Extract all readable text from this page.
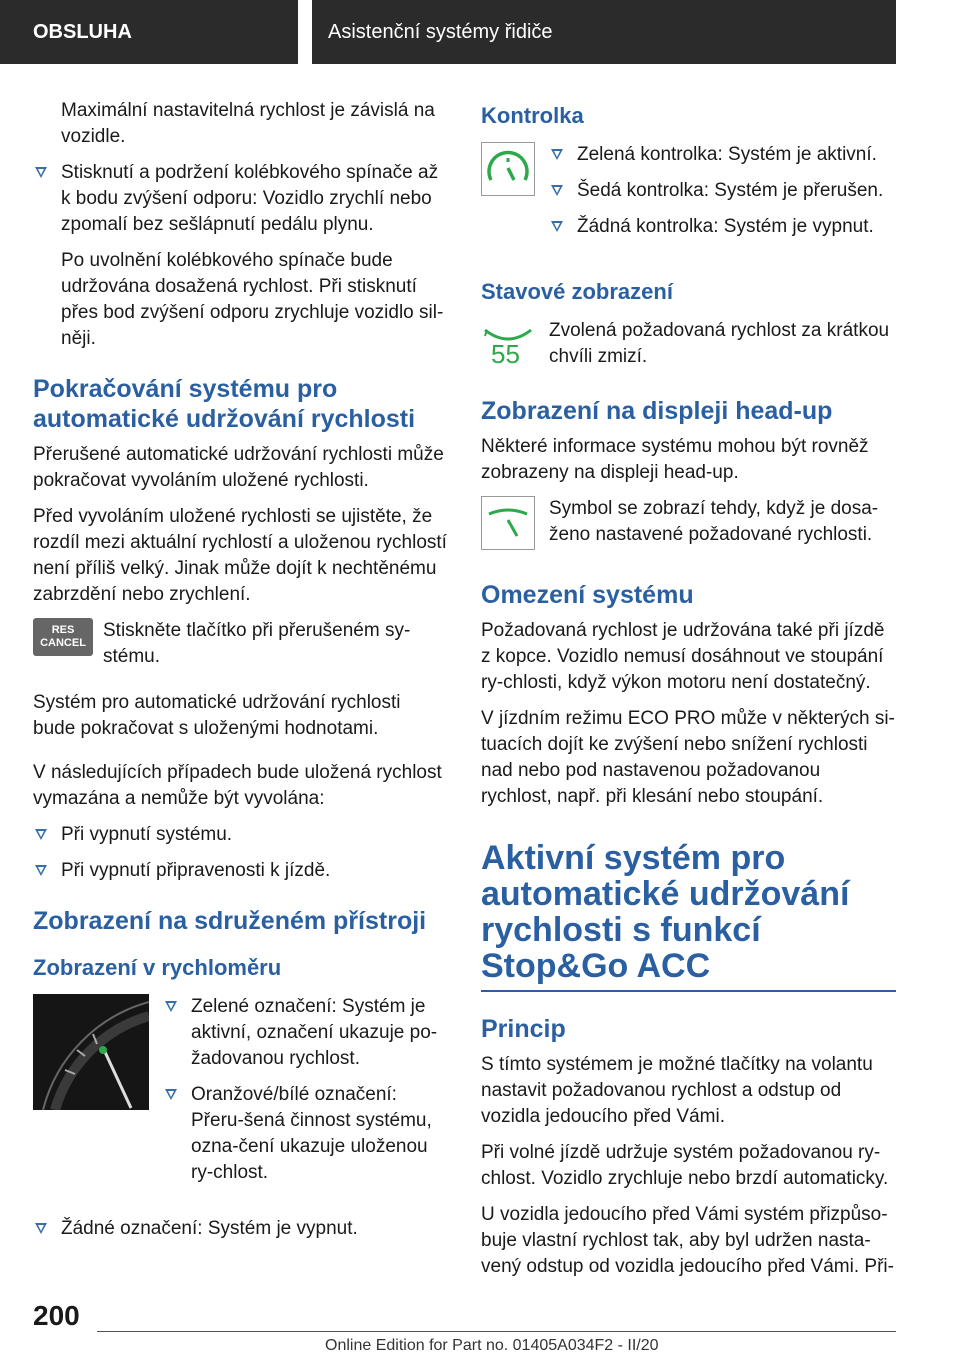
OBSLUHA	Asistenční systémy řidiče

Maximální nastavitelná rychlost je závislá na vozidle.

Stisknutí a podržení kolébkového spínače až k bodu zvýšení odporu: Vozidlo zrychlí nebo zpomalí bez sešlápnutí pedálu plynu.

Po uvolnění kolébkového spínače bude udržována dosažená rychlost. Při stisknutí přes bod zvýšení odporu zrychluje vozidlo sil-něji.

Pokračování systému pro automatické udržování rychlosti

Přerušené automatické udržování rychlosti může pokračovat vyvoláním uložené rychlosti.

Před vyvoláním uložené rychlosti se ujistěte, že rozdíl mezi aktuální rychlostí a uloženou rychlostí není příliš velký. Jinak může dojít k nechtěnému zabrzdění nebo zrychlení.

RES
CANCEL

Stiskněte tlačítko při přerušeném sy-stému.

Systém pro automatické udržování rychlosti bude pokračovat s uloženými hodnotami.

V následujících případech bude uložená rychlost vymazána a nemůže být vyvolána:

Při vypnutí systému.
Při vypnutí připravenosti k jízdě.
Zobrazení na sdruženém přístroji
Zobrazení v rychloměru
Zelené označení: Systém je aktivní, označení ukazuje po-žadovanou rychlost.
Oranžové/bílé označení: Přeru-šená činnost systému, ozna-čení ukazuje uloženou ry-chlost.
Žádné označení: Systém je vypnut.
Kontrolka
Zelená kontrolka: Systém je aktivní.
Šedá kontrolka: Systém je přerušen.
Žádná kontrolka: Systém je vypnut.
Stavové zobrazení
55

Zvolená požadovaná rychlost za krátkou chvíli zmizí.

Zobrazení na displeji head-up

Některé informace systému mohou být rovněž zobrazeny na displeji head-up.

Symbol se zobrazí tehdy, když je dosa-ženo nastavené požadované rychlosti.

Omezení systému

Požadovaná rychlost je udržována také při jízdě z kopce. Vozidlo nemusí dosáhnout ve stoupání ry-chlosti, když výkon motoru není dostatečný.

V jízdním režimu ECO PRO může v některých si-tuacích dojít ke zvýšení nebo snížení rychlosti nad nebo pod nastavenou požadovanou rychlost, např. při klesání nebo stoupání.

Aktivní systém pro automatické udržování rychlosti s funkcí Stop&Go ACC
Princip

S tímto systémem je možné tlačítky na volantu nastavit požadovanou rychlost a odstup od vozidla jedoucího před Vámi.

Při volné jízdě udržuje systém požadovanou ry-chlost. Vozidlo zrychluje nebo brzdí automaticky.

U vozidla jedoucího před Vámi systém přizpůso-buje vlastní rychlost tak, aby byl udržen nasta-vený odstup od vozidla jedoucího před Vámi. Při-

200
Online Edition for Part no. 01405A034F2 - II/20
